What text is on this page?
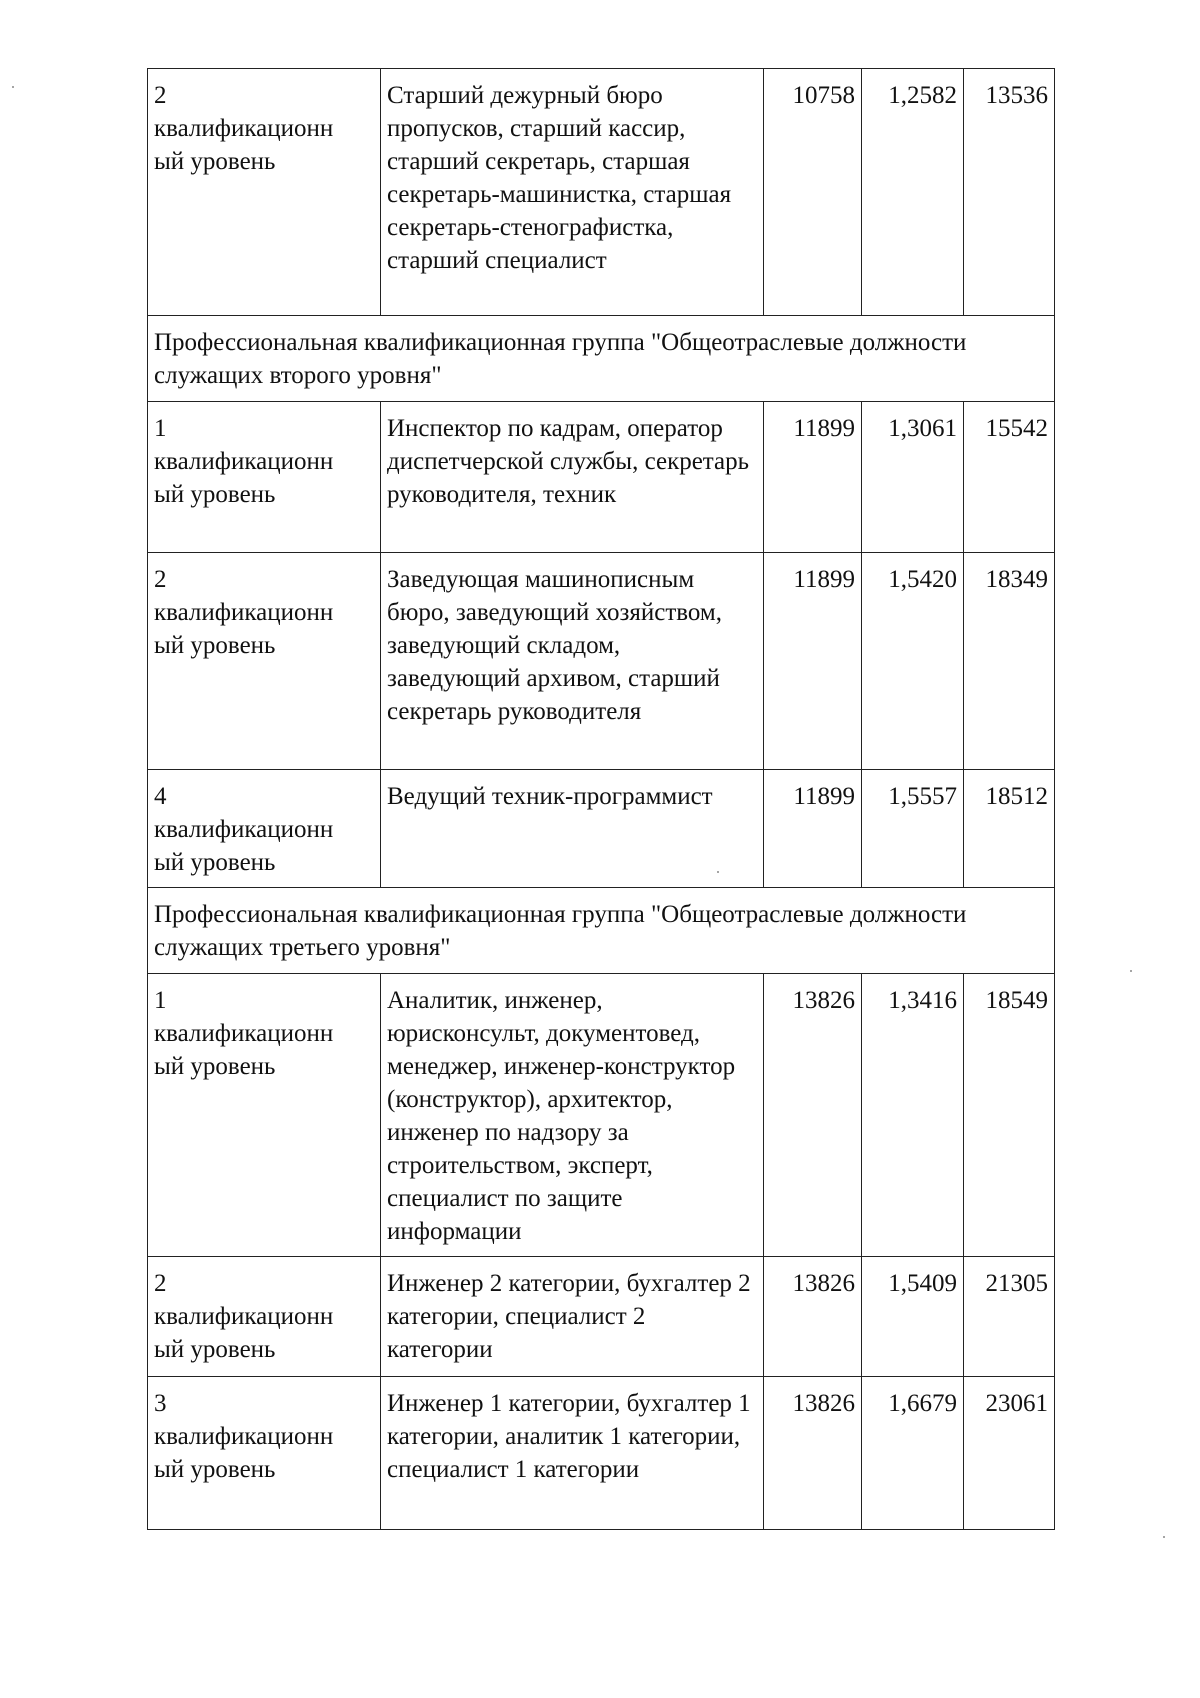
2
квалификационн
ый уровень	Старший дежурный бюро пропусков, старший кассир, старший секретарь, старшая секретарь-машинистка, старшая секретарь-стенографистка, старший специалист	10758	1,2582	13536
Профессиональная квалификационная группа "Общеотраслевые должности служащих второго уровня"				

1
квалификационн
ый уровень	Инспектор по кадрам, оператор диспетчерской службы, секретарь руководителя, техник	11899	1,3061	15542

2
квалификационн
ый уровень	Заведующая машинописным бюро, заведующий хозяйством, заведующий складом, заведующий архивом, старший секретарь руководителя	11899	1,5420	18349

4
квалификационн
ый уровень	Ведущий техник-программист	11899	1,5557	18512
Профессиональная квалификационная группа "Общеотраслевые должности служащих третьего уровня"				

1
квалификационн
ый уровень	Аналитик, инженер, юрисконсульт, документовед, менеджер, инженер-конструктор (конструктор), архитектор, инженер по надзору за строительством, эксперт, специалист по защите информации	13826	1,3416	18549

2
квалификационн
ый уровень	Инженер 2 категории, бухгалтер 2 категории, специалист 2 категории	13826	1,5409	21305

3
квалификационн
ый уровень	Инженер 1 категории, бухгалтер 1 категории, аналитик 1 категории, специалист 1 категории	13826	1,6679	23061
